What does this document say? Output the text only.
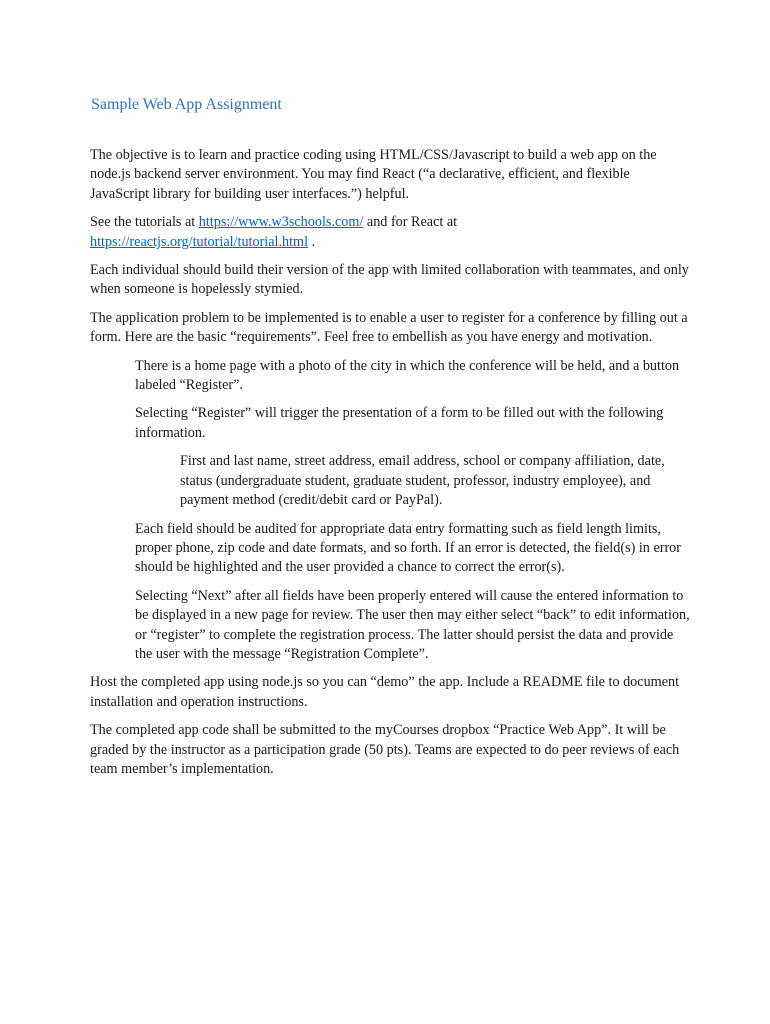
Sample Web App Assignment

The objective is to learn and practice coding using HTML/CSS/Javascript to build a web app on the node.js backend server environment. You may find React (“a declarative, efficient, and flexible JavaScript library for building user interfaces.”) helpful.

See the tutorials at https://www.w3schools.com/ and for React at
https://reactjs.org/tutorial/tutorial.html .

Each individual should build their version of the app with limited collaboration with teammates, and only when someone is hopelessly stymied.

The application problem to be implemented is to enable a user to register for a conference by filling out a form. Here are the basic “requirements”. Feel free to embellish as you have energy and motivation.

There is a home page with a photo of the city in which the conference will be held, and a button labeled “Register”.

Selecting “Register” will trigger the presentation of a form to be filled out with the following information.

First and last name, street address, email address, school or company affiliation, date, status (undergraduate student, graduate student, professor, industry employee), and payment method (credit/debit card or PayPal).

Each field should be audited for appropriate data entry formatting such as field length limits, proper phone, zip code and date formats, and so forth. If an error is detected, the field(s) in error should be highlighted and the user provided a chance to correct the error(s).

Selecting “Next” after all fields have been properly entered will cause the entered information to be displayed in a new page for review. The user then may either select “back” to edit information, or “register” to complete the registration process. The latter should persist the data and provide the user with the message “Registration Complete”.

Host the completed app using node.js so you can “demo” the app. Include a README file to document installation and operation instructions.

The completed app code shall be submitted to the myCourses dropbox “Practice Web App”. It will be graded by the instructor as a participation grade (50 pts). Teams are expected to do peer reviews of each team member’s implementation.
